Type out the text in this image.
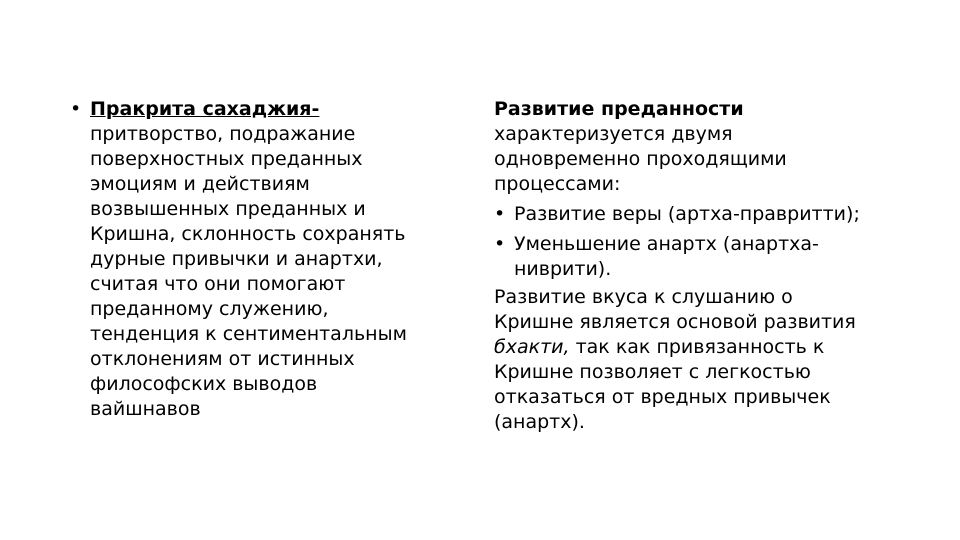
• Пракрита сахаджия-
притворство, подражание
поверхностных преданных
эмоциям и действиям
возвышенных преданных и
Кришна, склонность сохранять
дурные привычки и анартхи,
считая что они помогают
преданному служению,
тенденция к сентиментальным
отклонениям от истинных
философских выводов
вайшнавов
Развитие преданности
характеризуется двумя
одновременно проходящими
процессами:
• Развитие веры (артха-правритти);
• Уменьшение анартх (анартха-
ниврити).
Развитие вкуса к слушанию о
Кришне является основой развития
бхакти, так как привязанность к
Кришне позволяет с легкостью
отказаться от вредных привычек
(анартх).
